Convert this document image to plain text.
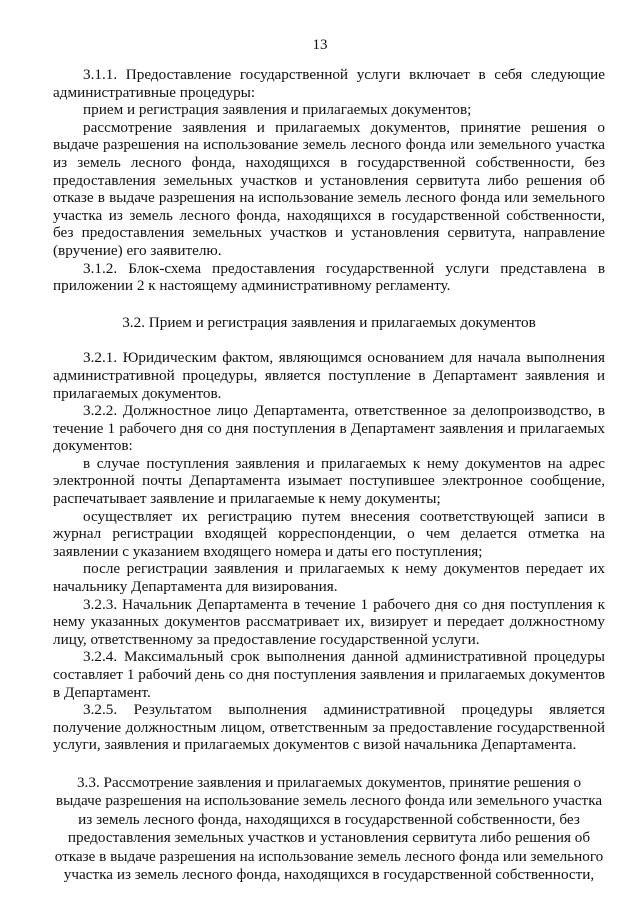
13

3.1.1. Предоставление государственной услуги включает в себя следующие административные процедуры:

прием и регистрация заявления и прилагаемых документов;

рассмотрение заявления и прилагаемых документов, принятие решения о выдаче разрешения на использование земель лесного фонда или земельного участка из земель лесного фонда, находящихся в государственной собственности, без предоставления земельных участков и установления сервитута либо решения об отказе в выдаче разрешения на использование земель лесного фонда или земельного участка из земель лесного фонда, находящихся в государственной собственности, без предоставления земельных участков и установления сервитута, направление (вручение) его заявителю.

3.1.2. Блок-схема предоставления государственной услуги представлена в приложении 2 к настоящему административному регламенту.

3.2. Прием и регистрация заявления и прилагаемых документов

3.2.1. Юридическим фактом, являющимся основанием для начала выполнения административной процедуры, является поступление в Департамент заявления и прилагаемых документов.

3.2.2. Должностное лицо Департамента, ответственное за делопроизводство, в течение 1 рабочего дня со дня поступления в Департамент заявления и прилагаемых документов:

в случае поступления заявления и прилагаемых к нему документов на адрес электронной почты Департамента изымает поступившее электронное сообщение, распечатывает заявление и прилагаемые к нему документы;

осуществляет их регистрацию путем внесения соответствующей записи в журнал регистрации входящей корреспонденции, о чем делается отметка на заявлении с указанием входящего номера и даты его поступления;

после регистрации заявления и прилагаемых к нему документов передает их начальнику Департамента для визирования.

3.2.3. Начальник Департамента в течение 1 рабочего дня со дня поступления к нему указанных документов рассматривает их, визирует и передает должностному лицу, ответственному за предоставление государственной услуги.

3.2.4. Максимальный срок выполнения данной административной процедуры составляет 1 рабочий день со дня поступления заявления и прилагаемых документов в Департамент.

3.2.5. Результатом выполнения административной процедуры является получение должностным лицом, ответственным за предоставление государственной услуги, заявления и прилагаемых документов с визой начальника Департамента.

3.3. Рассмотрение заявления и прилагаемых документов, принятие решения о выдаче разрешения на использование земель лесного фонда или земельного участка из земель лесного фонда, находящихся в государственной собственности, без предоставления земельных участков и установления сервитута либо решения об отказе в выдаче разрешения на использование земель лесного фонда или земельного участка из земель лесного фонда, находящихся в государственной собственности,
